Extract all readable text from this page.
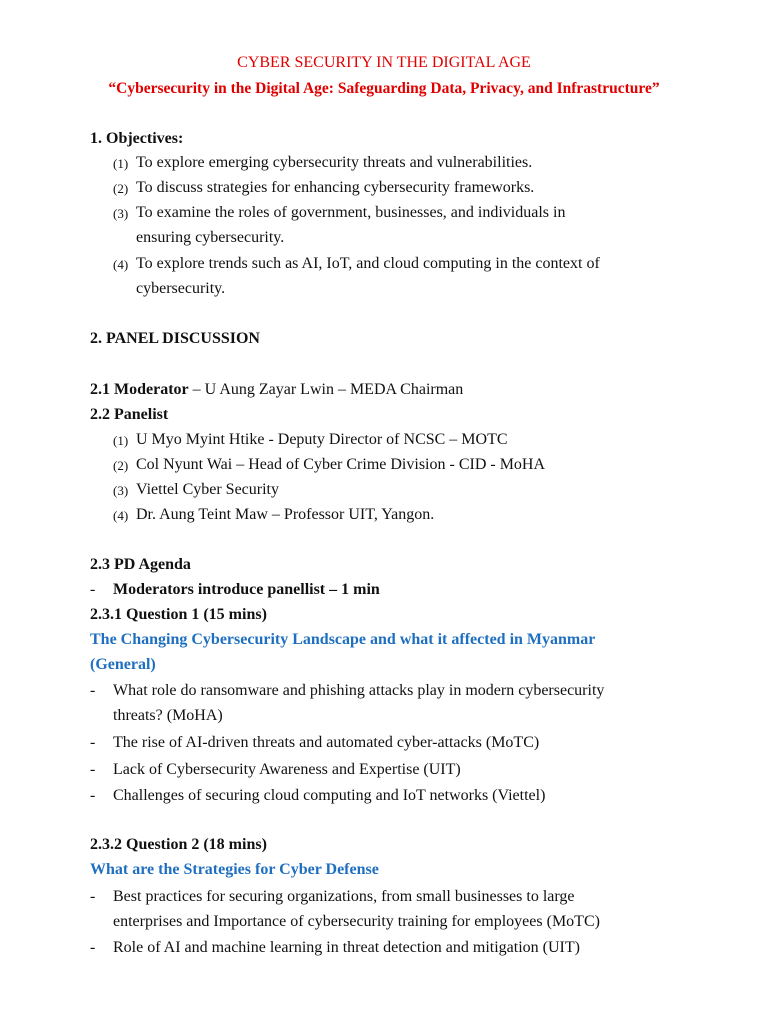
CYBER SECURITY IN THE DIGITAL AGE
“Cybersecurity in the Digital Age: Safeguarding Data, Privacy, and Infrastructure”
1. Objectives:
(1) To explore emerging cybersecurity threats and vulnerabilities.
(2) To discuss strategies for enhancing cybersecurity frameworks.
(3) To examine the roles of government, businesses, and individuals in
ensuring cybersecurity.
(4) To explore trends such as AI, IoT, and cloud computing in the context of
cybersecurity.
2. PANEL DISCUSSION
2.1 Moderator – U Aung Zayar Lwin – MEDA Chairman
2.2 Panelist
(1) U Myo Myint Htike - Deputy Director of NCSC – MOTC
(2) Col Nyunt Wai – Head of Cyber Crime Division - CID - MoHA
(3) Viettel Cyber Security
(4) Dr. Aung Teint Maw – Professor UIT, Yangon.
2.3 PD Agenda
- Moderators introduce panellist – 1 min
2.3.1 Question 1 (15 mins)
The Changing Cybersecurity Landscape and what it affected in Myanmar
(General)
- What role do ransomware and phishing attacks play in modern cybersecurity
threats? (MoHA)
- The rise of AI-driven threats and automated cyber-attacks (MoTC)
- Lack of Cybersecurity Awareness and Expertise (UIT)
- Challenges of securing cloud computing and IoT networks (Viettel)
2.3.2 Question 2 (18 mins)
What are the Strategies for Cyber Defense
- Best practices for securing organizations, from small businesses to large
enterprises and Importance of cybersecurity training for employees (MoTC)
- Role of AI and machine learning in threat detection and mitigation (UIT)
